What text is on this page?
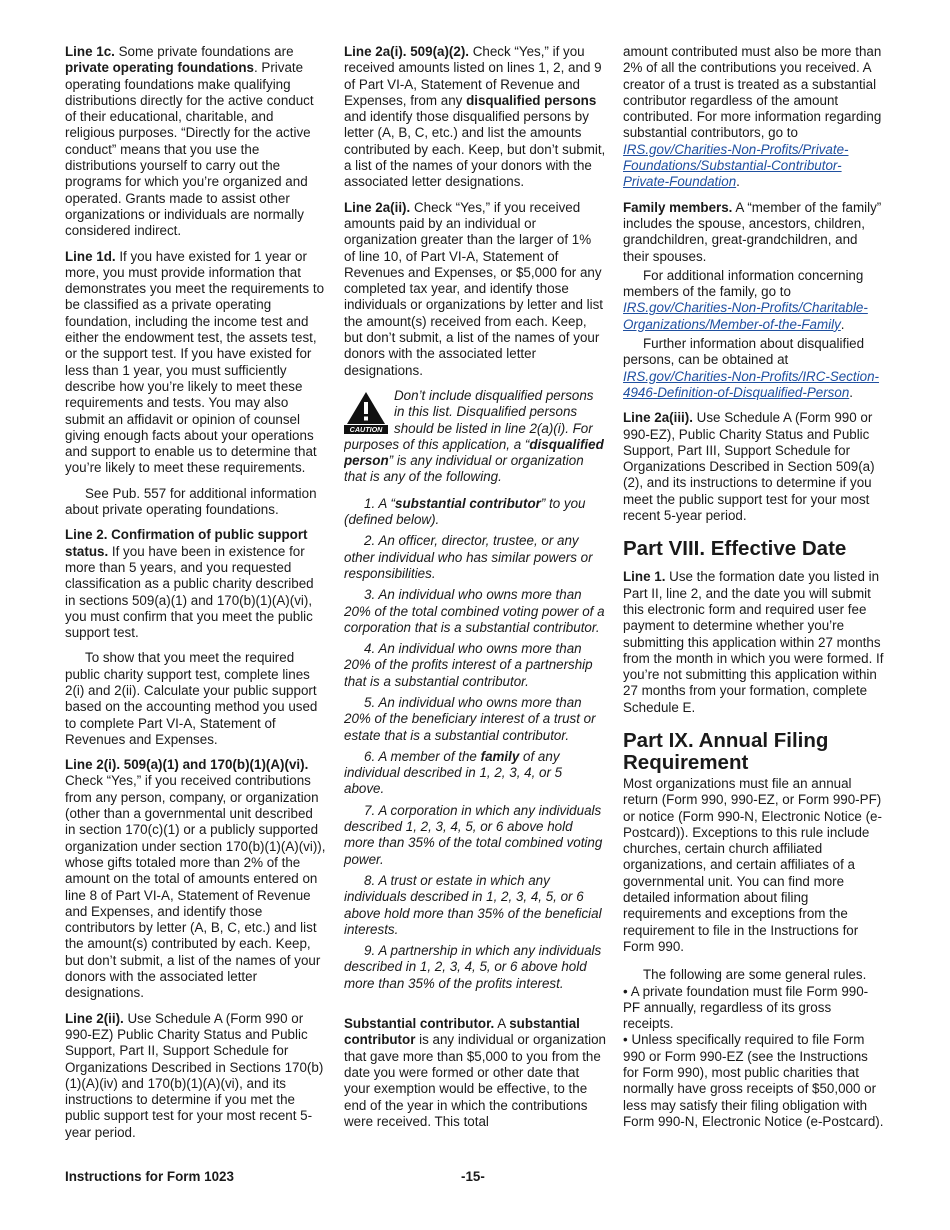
Line 1c. Some private foundations are private operating foundations. Private operating foundations make qualifying distributions directly for the active conduct of their educational, charitable, and religious purposes. “Directly for the active conduct” means that you use the distributions yourself to carry out the programs for which you’re organized and operated. Grants made to assist other organizations or individuals are normally considered indirect.

Line 1d. If you have existed for 1 year or more, you must provide information that demonstrates you meet the requirements to be classified as a private operating foundation, including the income test and either the endowment test, the assets test, or the support test. If you have existed for less than 1 year, you must sufficiently describe how you’re likely to meet these requirements and tests. You may also submit an affidavit or opinion of counsel giving enough facts about your operations and support to enable us to determine that you’re likely to meet these requirements.

See Pub. 557 for additional information about private operating foundations.

Line 2. Confirmation of public support status. If you have been in existence for more than 5 years, and you requested classification as a public charity described in sections 509(a)(1) and 170(b)(1)(A)(vi), you must confirm that you meet the public support test.

To show that you meet the required public charity support test, complete lines 2(i) and 2(ii). Calculate your public support based on the accounting method you used to complete Part VI-A, Statement of Revenues and Expenses.

Line 2(i). 509(a)(1) and 170(b)(1)(A)(vi). Check “Yes,” if you received contributions from any person, company, or organization (other than a governmental unit described in section 170(c)(1) or a publicly supported organization under section 170(b)(1)(A)(vi)), whose gifts totaled more than 2% of the amount on the total of amounts entered on line 8 of Part VI-A, Statement of Revenue and Expenses, and identify those contributors by letter (A, B, C, etc.) and list the amount(s) contributed by each. Keep, but don’t submit, a list of the names of your donors with the associated letter designations.

Line 2(ii). Use Schedule A (Form 990 or 990-EZ) Public Charity Status and Public Support, Part II, Support Schedule for Organizations Described in Sections 170(b)(1)(A)(iv) and 170(b)(1)(A)(vi), and its instructions to determine if you met the public support test for your most recent 5-year period.

Line 2a(i). 509(a)(2). Check “Yes,” if you received amounts listed on lines 1, 2, and 9 of Part VI-A, Statement of Revenue and Expenses, from any disqualified persons and identify those disqualified persons by letter (A, B, C, etc.) and list the amounts contributed by each. Keep, but don’t submit, a list of the names of your donors with the associated letter designations.

Line 2a(ii). Check “Yes,” if you received amounts paid by an individual or organization greater than the larger of 1% of line 10, of Part VI-A, Statement of Revenues and Expenses, or $5,000 for any completed tax year, and identify those individuals or organizations by letter and list the amount(s) received from each. Keep, but don’t submit, a list of the names of your donors with the associated letter designations.

CAUTION
Don’t include disqualified persons in this list. Disqualified persons should be listed in line 2(a)(i). For purposes of this application, a “disqualified person” is any individual or organization that is any of the following.

1. A “substantial contributor” to you (defined below).

2. An officer, director, trustee, or any other individual who has similar powers or responsibilities.

3. An individual who owns more than 20% of the total combined voting power of a corporation that is a substantial contributor.

4. An individual who owns more than 20% of the profits interest of a partnership that is a substantial contributor.

5. An individual who owns more than 20% of the beneficiary interest of a trust or estate that is a substantial contributor.

6. A member of the family of any individual described in 1, 2, 3, 4, or 5 above.

7. A corporation in which any individuals described 1, 2, 3, 4, 5, or 6 above hold more than 35% of the total combined voting power.

8. A trust or estate in which any individuals described in 1, 2, 3, 4, 5, or 6 above hold more than 35% of the beneficial interests.

9. A partnership in which any individuals described in 1, 2, 3, 4, 5, or 6 above hold more than 35% of the profits interest.

Substantial contributor. A substantial contributor is any individual or organization that gave more than $5,000 to you from the date you were formed or other date that your exemption would be effective, to the end of the year in which the contributions were received. This total

amount contributed must also be more than 2% of all the contributions you received. A creator of a trust is treated as a substantial contributor regardless of the amount contributed. For more information regarding substantial contributors, go to IRS.gov/Charities-Non-Profits/Private-Foundations/Substantial-Contributor-Private-Foundation.

Family members. A “member of the family” includes the spouse, ancestors, children, grandchildren, great-grandchildren, and their spouses.

For additional information concerning members of the family, go to IRS.gov/Charities-Non-Profits/Charitable-Organizations/Member-of-the-Family.

Further information about disqualified persons, can be obtained at IRS.gov/Charities-Non-Profits/IRC-Section-4946-Definition-of-Disqualified-Person.

Line 2a(iii). Use Schedule A (Form 990 or 990-EZ), Public Charity Status and Public Support, Part III, Support Schedule for Organizations Described in Section 509(a)(2), and its instructions to determine if you meet the public support test for your most recent 5-year period.

Part VIII. Effective Date

Line 1. Use the formation date you listed in Part II, line 2, and the date you will submit this electronic form and required user fee payment to determine whether you’re submitting this application within 27 months from the month in which you were formed. If you’re not submitting this application within 27 months from your formation, complete Schedule E.

Part IX. Annual Filing Requirement

Most organizations must file an annual return (Form 990, 990-EZ, or Form 990-PF) or notice (Form 990-N, Electronic Notice (e-Postcard)). Exceptions to this rule include churches, certain church affiliated organizations, and certain affiliates of a governmental unit. You can find more detailed information about filing requirements and exceptions from the requirement to file in the Instructions for Form 990.

The following are some general rules.

• A private foundation must file Form 990-PF annually, regardless of its gross receipts.

• Unless specifically required to file Form 990 or Form 990-EZ (see the Instructions for Form 990), most public charities that normally have gross receipts of $50,000 or less may satisfy their filing obligation with Form 990-N, Electronic Notice (e-Postcard).

Instructions for Form 1023	-15-
